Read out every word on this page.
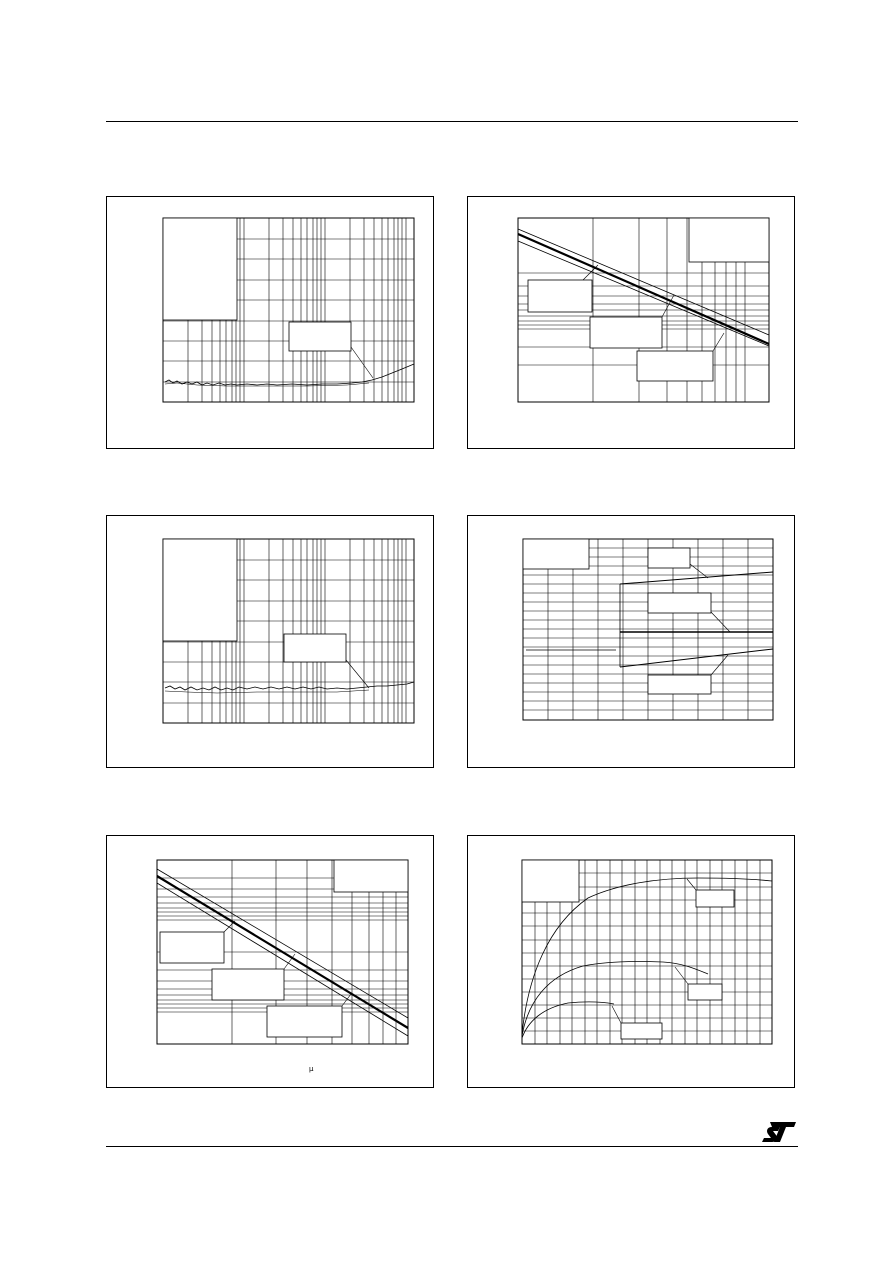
μ
